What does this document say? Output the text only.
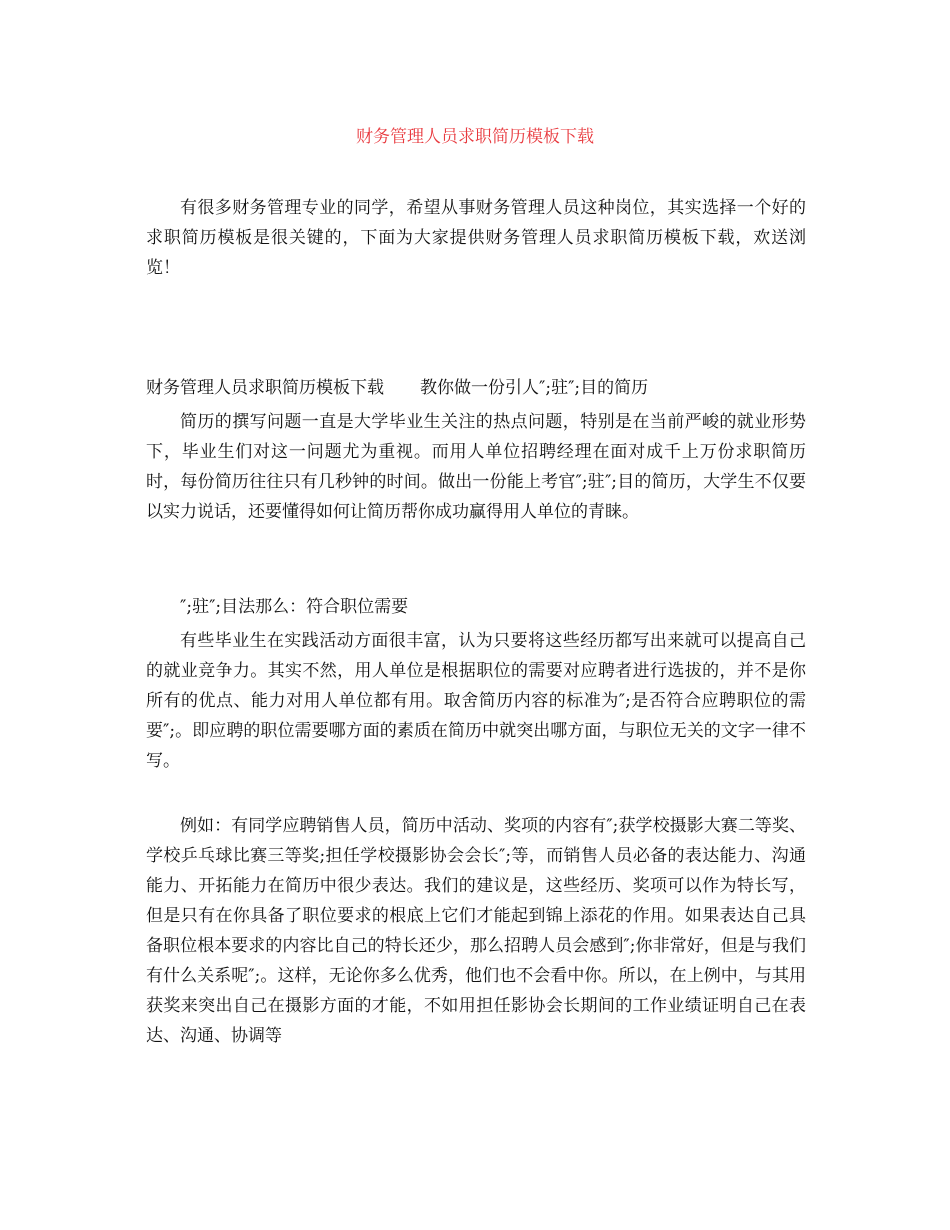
财务管理人员求职简历模板下载

有很多财务管理专业的同学，希望从事财务管理人员这种岗位，其实选择一个好的求职简历模板是很关键的，下面为大家提供财务管理人员求职简历模板下载，欢送浏览！

财务管理人员求职简历模板下载 教你做一份引人″;驻″;目的简历

简历的撰写问题一直是大学毕业生关注的热点问题，特别是在当前严峻的就业形势下，毕业生们对这一问题尤为重视。而用人单位招聘经理在面对成千上万份求职简历时，每份简历往往只有几秒钟的时间。做出一份能上考官″;驻″;目的简历，大学生不仅要以实力说话，还要懂得如何让简历帮你成功赢得用人单位的青睐。

″;驻″;目法那么：符合职位需要

有些毕业生在实践活动方面很丰富，认为只要将这些经历都写出来就可以提高自己的就业竞争力。其实不然，用人单位是根据职位的需要对应聘者进行选拔的，并不是你所有的优点、能力对用人单位都有用。取舍简历内容的标准为″;是否符合应聘职位的需要″;。即应聘的职位需要哪方面的素质在简历中就突出哪方面，与职位无关的文字一律不写。

例如：有同学应聘销售人员，简历中活动、奖项的内容有″;获学校摄影大赛二等奖、学校乒乓球比赛三等奖;担任学校摄影协会会长″;等，而销售人员必备的表达能力、沟通能力、开拓能力在简历中很少表达。我们的建议是，这些经历、奖项可以作为特长写，但是只有在你具备了职位要求的根底上它们才能起到锦上添花的作用。如果表达自己具备职位根本要求的内容比自己的特长还少，那么招聘人员会感到″;你非常好，但是与我们有什么关系呢″;。这样，无论你多么优秀，他们也不会看中你。所以，在上例中，与其用获奖来突出自己在摄影方面的才能，不如用担任影协会长期间的工作业绩证明自己在表达、沟通、协调等
